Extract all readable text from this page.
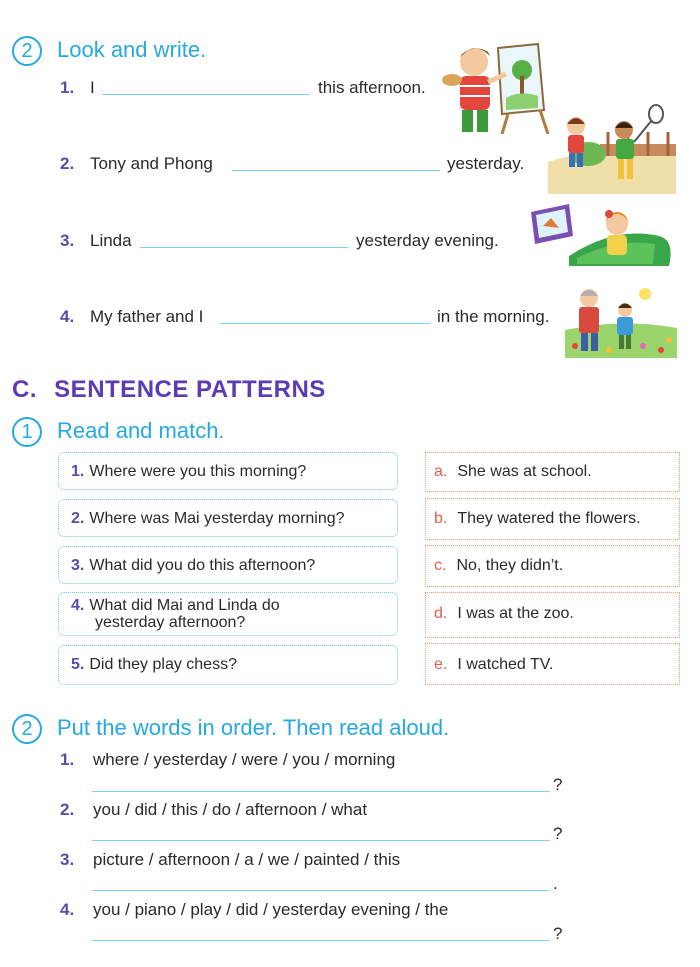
2	Look and write.
1. I	this afternoon.
2. Tony and Phong	yesterday.
3. Linda	yesterday evening.
4. My father and I	in the morning.
C. SENTENCE PATTERNS
1	Read and match.
1. Where were you this morning?
2. Where was Mai yesterday morning?
3. What did you do this afternoon?
4. What did Mai and Linda do
yesterday afternoon?
5. Did they play chess?
a. She was at school.
b. They watered the flowers.
c. No, they didn’t.
d. I was at the zoo.
e. I watched TV.
2	Put the words in order. Then read aloud.
1. where / yesterday / were / you / morning
?
2. you / did / this / do / afternoon / what
?
3. picture / afternoon / a / we / painted / this
.
4. you / piano / play / did / yesterday evening / the
?
